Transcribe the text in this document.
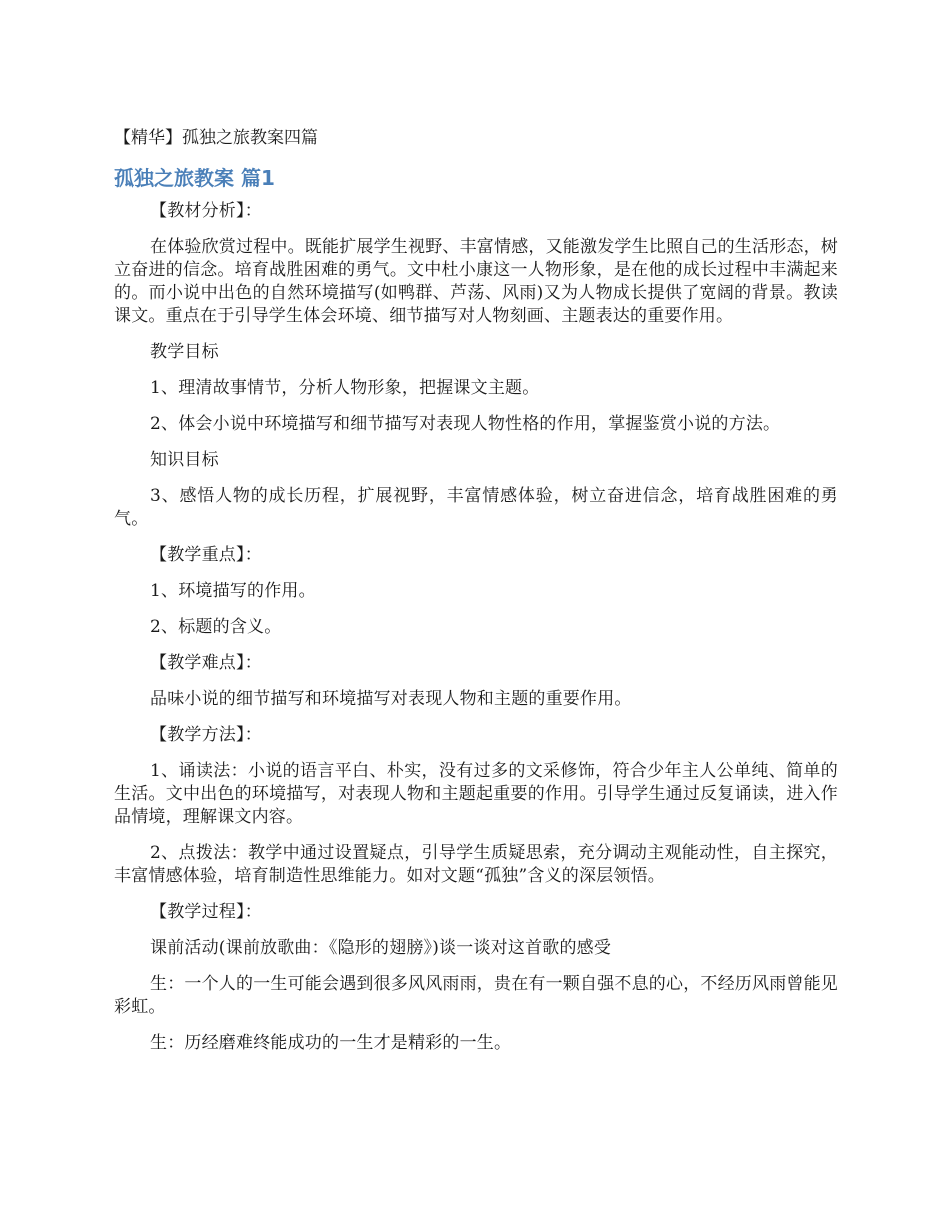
【精华】孤独之旅教案四篇

孤独之旅教案 篇1

【教材分析】：

在体验欣赏过程中。既能扩展学生视野、丰富情感，又能激发学生比照自己的生活形态，树立奋进的信念。培育战胜困难的勇气。文中杜小康这一人物形象，是在他的成长过程中丰满起来的。而小说中出色的自然环境描写(如鸭群、芦荡、风雨)又为人物成长提供了宽阔的背景。教读课文。重点在于引导学生体会环境、细节描写对人物刻画、主题表达的重要作用。

教学目标

1、理清故事情节，分析人物形象，把握课文主题。

2、体会小说中环境描写和细节描写对表现人物性格的作用，掌握鉴赏小说的方法。

知识目标

3、感悟人物的成长历程，扩展视野，丰富情感体验，树立奋进信念，培育战胜困难的勇气。

【教学重点】：

1、环境描写的作用。

2、标题的含义。

【教学难点】：

品味小说的细节描写和环境描写对表现人物和主题的重要作用。

【教学方法】：

1、诵读法：小说的语言平白、朴实，没有过多的文采修饰，符合少年主人公单纯、简单的生活。文中出色的环境描写，对表现人物和主题起重要的作用。引导学生通过反复诵读，进入作品情境，理解课文内容。

2、点拨法：教学中通过设置疑点，引导学生质疑思索，充分调动主观能动性，自主探究，丰富情感体验，培育制造性思维能力。如对文题“孤独”含义的深层领悟。

【教学过程】：

课前活动(课前放歌曲：《隐形的翅膀》)谈一谈对这首歌的感受

生：一个人的一生可能会遇到很多风风雨雨，贵在有一颗自强不息的心，不经历风雨曾能见彩虹。

生：历经磨难终能成功的一生才是精彩的一生。
